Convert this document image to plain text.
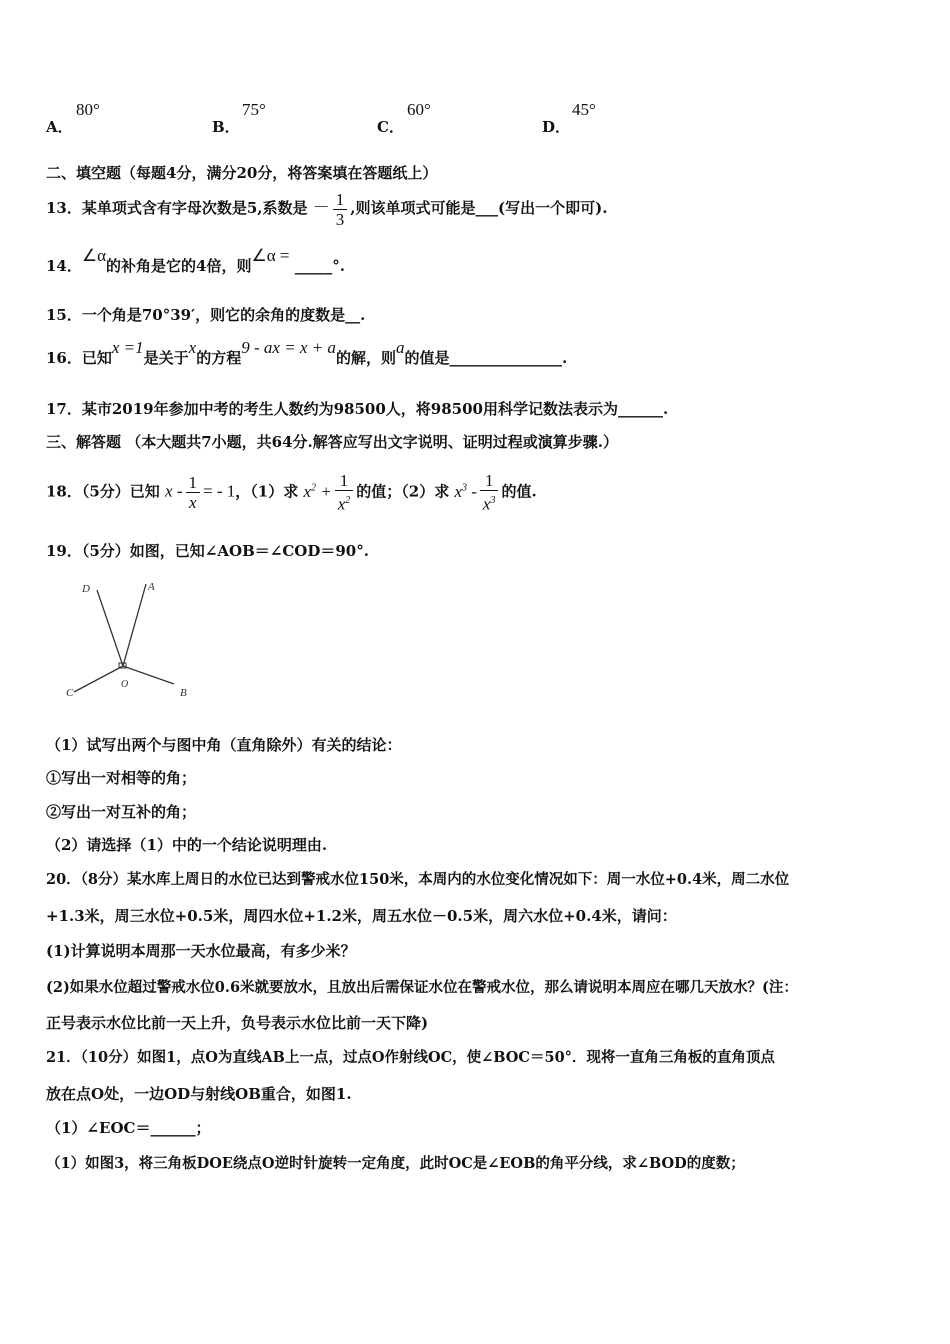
A．
80°
B．
75°
C．
60°
D．
45°
二、填空题（每题4分，满分20分，将答案填在答题纸上）
13．某单项式含有字母次数是5,系数是 － $\frac{1}{3}$ ,则该单项式可能是___(写出一个即可).
14．∠α的补角是它的4倍，则∠α = _____°.
15．一个角是70°39′，则它的余角的度数是__.
16．已知x =1是关于x的方程9 - ax = x + a的解，则a的值是_______________.
17．某市2019年参加中考的考生人数约为98500人，将98500用科学记数法表示为______.
三、解答题 （本大题共7小题，共64分.解答应写出文字说明、证明过程或演算步骤.）
18．（5分）已知 x - $\frac{1}{x}$ = - 1，（1）求 $x^2 + \frac{1}{x^2}$ 的值；（2）求 $x^3 - \frac{1}{x^3}$ 的值.
19．（5分）如图，已知∠AOB＝∠COD＝90°.
D	A
O
C	B
（1）试写出两个与图中角（直角除外）有关的结论：
①写出一对相等的角；
②写出一对互补的角；
（2）请选择（1）中的一个结论说明理由.
20．（8分）某水库上周日的水位已达到警戒水位150米，本周内的水位变化情况如下：周一水位+0.4米，周二水位
+1.3米，周三水位+0.5米，周四水位+1.2米，周五水位－0.5米，周六水位+0.4米，请问：
(1)计算说明本周那一天水位最高，有多少米？
(2)如果水位超过警戒水位0.6米就要放水，且放出后需保证水位在警戒水位，那么请说明本周应在哪几天放水？(注：
正号表示水位比前一天上升，负号表示水位比前一天下降)
21．（10分）如图1，点O为直线AB上一点，过点O作射线OC，使∠BOC＝50°．现将一直角三角板的直角顶点
放在点O处，一边OD与射线OB重合，如图1.
（1）∠EOC＝______；
（1）如图3，将三角板DOE绕点O逆时针旋转一定角度，此时OC是∠EOB的角平分线，求∠BOD的度数；
